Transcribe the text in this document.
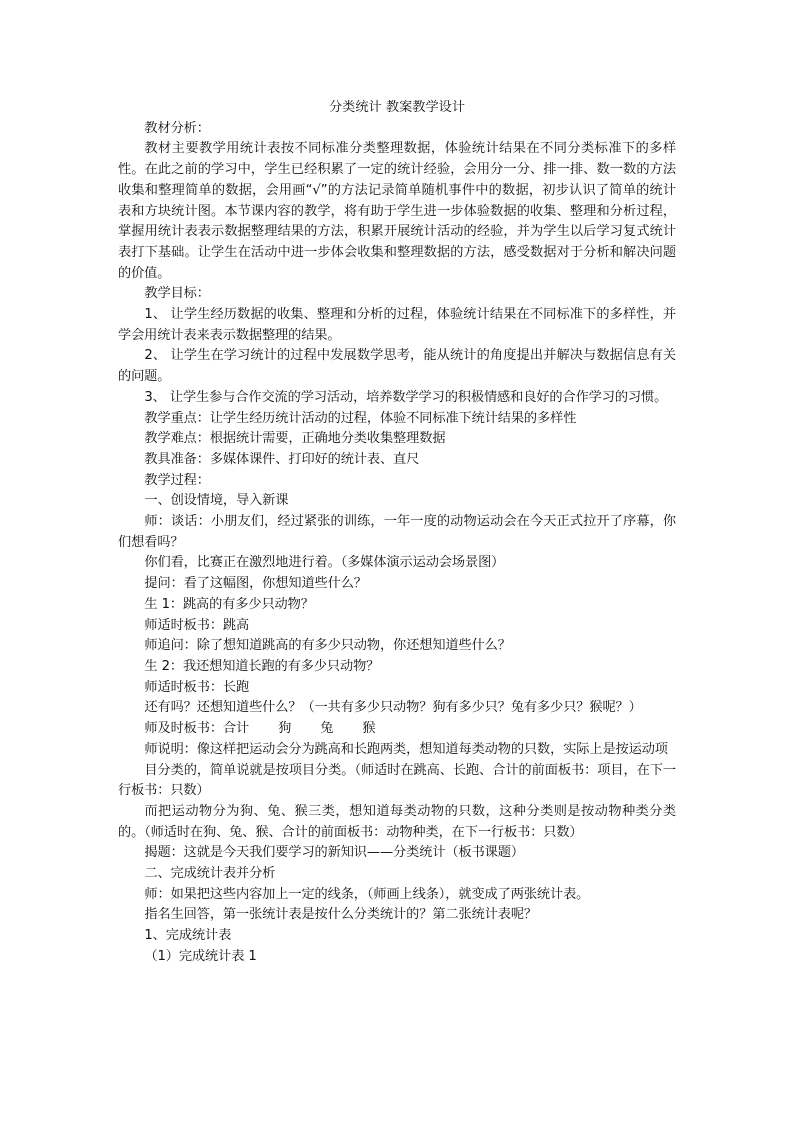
分类统计 教案教学设计

教材分析：

教材主要教学用统计表按不同标准分类整理数据，体验统计结果在不同分类标准下的多样性。在此之前的学习中，学生已经积累了一定的统计经验，会用分一分、排一排、数一数的方法收集和整理简单的数据，会用画“√”的方法记录简单随机事件中的数据，初步认识了简单的统计表和方块统计图。本节课内容的教学，将有助于学生进一步体验数据的收集、整理和分析过程，掌握用统计表表示数据整理结果的方法，积累开展统计活动的经验，并为学生以后学习复式统计表打下基础。让学生在活动中进一步体会收集和整理数据的方法，感受数据对于分析和解决问题的价值。

教学目标：

1、 让学生经历数据的收集、整理和分析的过程，体验统计结果在不同标准下的多样性，并学会用统计表来表示数据整理的结果。

2、 让学生在学习统计的过程中发展数学思考，能从统计的角度提出并解决与数据信息有关的问题。

3、 让学生参与合作交流的学习活动，培养数学学习的积极情感和良好的合作学习的习惯。

教学重点：让学生经历统计活动的过程，体验不同标准下统计结果的多样性

教学难点：根据统计需要，正确地分类收集整理数据

教具准备：多媒体课件、打印好的统计表、直尺

教学过程：

一、创设情境，导入新课

师：谈话：小朋友们，经过紧张的训练，一年一度的动物运动会在今天正式拉开了序幕，你们想看吗？

你们看，比赛正在激烈地进行着。（多媒体演示运动会场景图）

提问：看了这幅图，你想知道些什么？

生 1：跳高的有多少只动物？

师适时板书：跳高

师追问：除了想知道跳高的有多少只动物，你还想知道些什么？

生 2：我还想知道长跑的有多少只动物？

师适时板书：长跑

还有吗？还想知道些什么？（一共有多少只动物？狗有多少只？兔有多少只？猴呢？）

师及时板书：合计 狗 兔 猴

师说明：像这样把运动会分为跳高和长跑两类，想知道每类动物的只数，实际上是按运动项

目分类的，简单说就是按项目分类。（师适时在跳高、长跑、合计的前面板书：项目，在下一行板书：只数）

而把运动物分为狗、兔、猴三类，想知道每类动物的只数，这种分类则是按动物种类分类的。（师适时在狗、兔、猴、合计的前面板书：动物种类，在下一行板书：只数）

揭题：这就是今天我们要学习的新知识——分类统计（板书课题）

二、完成统计表并分析

师：如果把这些内容加上一定的线条，（师画上线条），就变成了两张统计表。

指名生回答，第一张统计表是按什么分类统计的？第二张统计表呢？

1、完成统计表

（1）完成统计表 1
